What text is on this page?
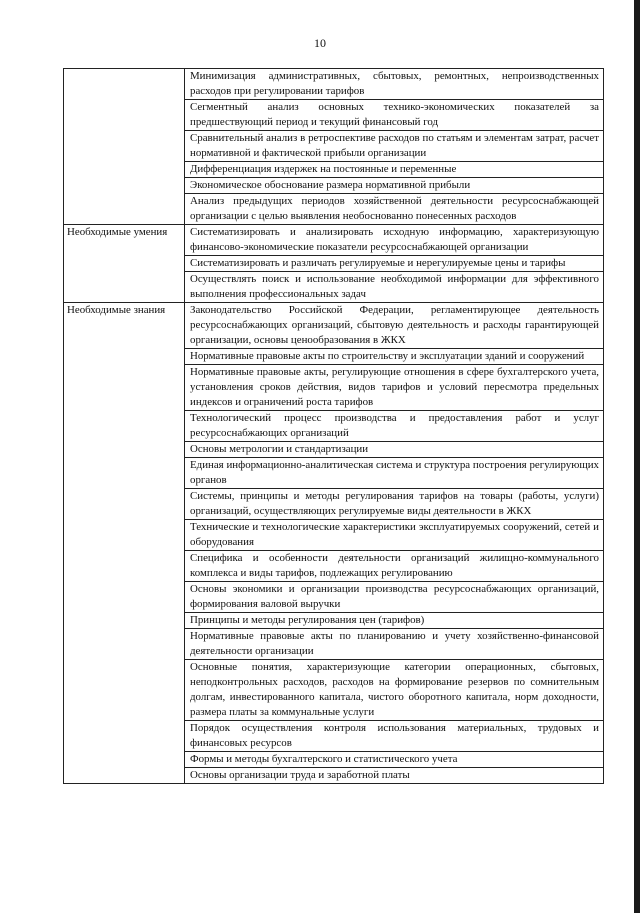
10
	Минимизация административных, сбытовых, ремонтных, непроизводственных расходов при регулировании тарифов
	Сегментный анализ основных технико-экономических показателей за предшествующий период и текущий финансовый год
	Сравнительный анализ в ретроспективе расходов по статьям и элементам затрат, расчет нормативной и фактической прибыли организации
	Дифференциация издержек на постоянные и переменные
	Экономическое обоснование размера нормативной прибыли
	Анализ предыдущих периодов хозяйственной деятельности ресурсоснабжающей организации с целью выявления необоснованно понесенных расходов
Необходимые умения	Систематизировать и анализировать исходную информацию, характеризующую финансово-экономические показатели ресурсоснабжающей организации
	Систематизировать и различать регулируемые и нерегулируемые цены и тарифы
	Осуществлять поиск и использование необходимой информации для эффективного выполнения профессиональных задач
Необходимые знания	Законодательство Российской Федерации, регламентирующее деятельность ресурсоснабжающих организаций, сбытовую деятельность и расходы гарантирующей организации, основы ценообразования в ЖКХ
	Нормативные правовые акты по строительству и эксплуатации зданий и сооружений
	Нормативные правовые акты, регулирующие отношения в сфере бухгалтерского учета, установления сроков действия, видов тарифов и условий пересмотра предельных индексов и ограничений роста тарифов
	Технологический процесс производства и предоставления работ и услуг ресурсоснабжающих организаций
	Основы метрологии и стандартизации
	Единая информационно-аналитическая система и структура построения регулирующих органов
	Системы, принципы и методы регулирования тарифов на товары (работы, услуги) организаций, осуществляющих регулируемые виды деятельности в ЖКХ
	Технические и технологические характеристики эксплуатируемых сооружений, сетей и оборудования
	Специфика и особенности деятельности организаций жилищно-коммунального комплекса и виды тарифов, подлежащих регулированию
	Основы экономики и организации производства ресурсоснабжающих организаций, формирования валовой выручки
	Принципы и методы регулирования цен (тарифов)
	Нормативные правовые акты по планированию и учету хозяйственно-финансовой деятельности организации
	Основные понятия, характеризующие категории операционных, сбытовых, неподконтрольных расходов, расходов на формирование резервов по сомнительным долгам, инвестированного капитала, чистого оборотного капитала, норм доходности, размера платы за коммунальные услуги
	Порядок осуществления контроля использования материальных, трудовых и финансовых ресурсов
	Формы и методы бухгалтерского и статистического учета
	Основы организации труда и заработной платы
